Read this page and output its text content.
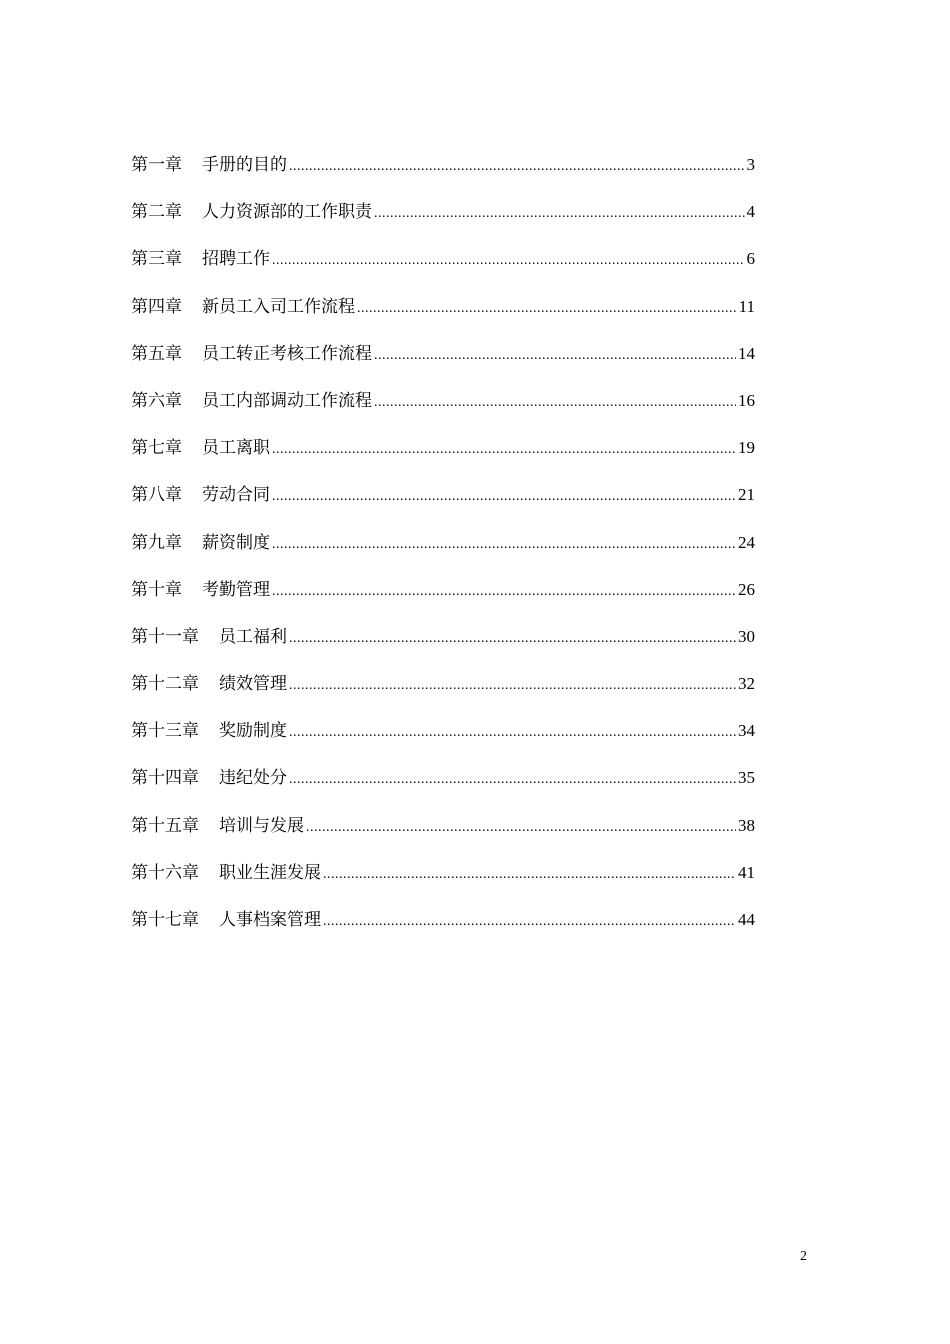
第一章 手册的目的 .....	3
第二章 人力资源部的工作职责 .....	4
第三章 招聘工作 .....	6
第四章 新员工入司工作流程 .....	11
第五章 员工转正考核工作流程 .....	14
第六章 员工内部调动工作流程 .....	16
第七章 员工离职 .....	19
第八章 劳动合同 .....	21
第九章 薪资制度 .....	24
第十章 考勤管理 .....	26
第十一章 员工福利 .....	30
第十二章 绩效管理 .....	32
第十三章 奖励制度 .....	34
第十四章 违纪处分 .....	35
第十五章 培训与发展 .....	38
第十六章 职业生涯发展 .....	41
第十七章 人事档案管理 .....	44
2
